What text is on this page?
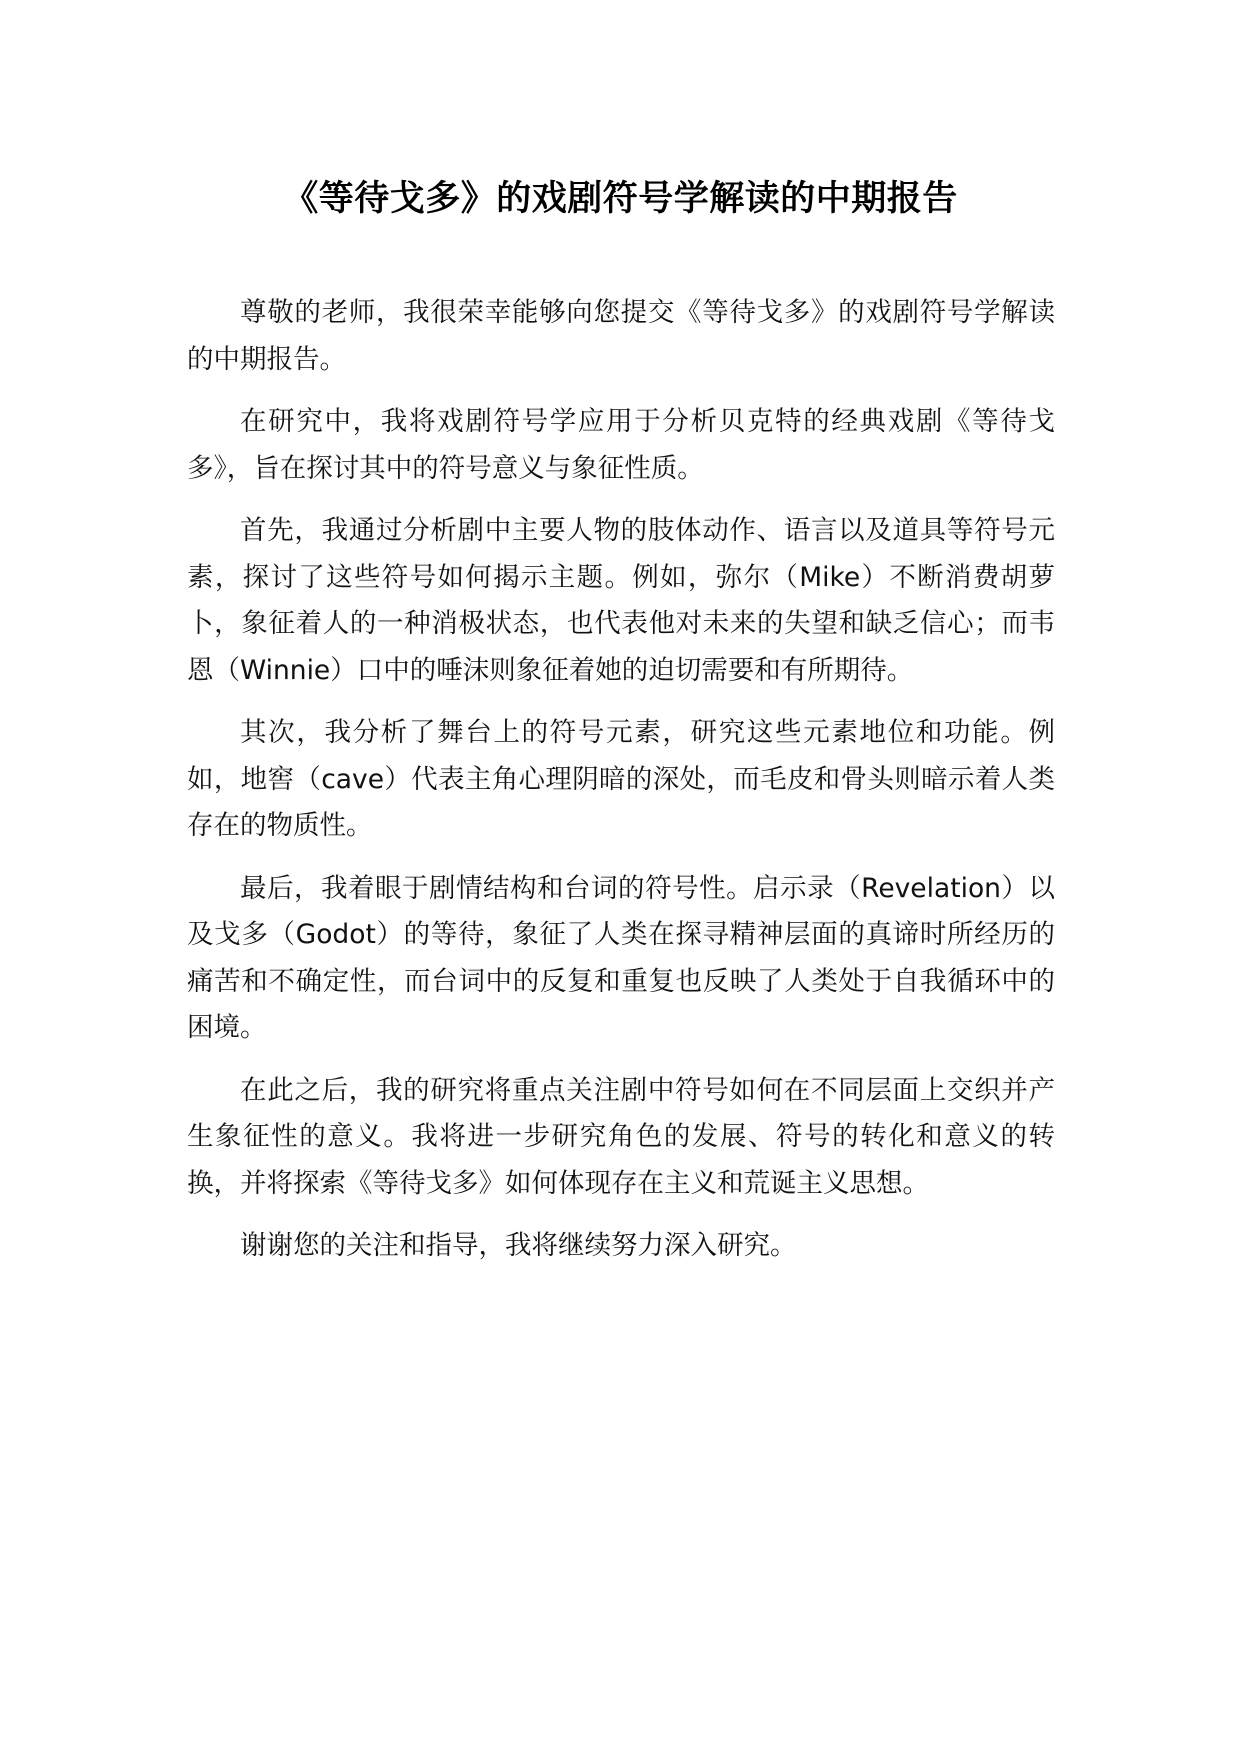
《等待戈多》的戏剧符号学解读的中期报告

尊敬的老师，我很荣幸能够向您提交《等待戈多》的戏剧符号学解读的中期报告。

在研究中，我将戏剧符号学应用于分析贝克特的经典戏剧《等待戈多》，旨在探讨其中的符号意义与象征性质。

首先，我通过分析剧中主要人物的肢体动作、语言以及道具等符号元素，探讨了这些符号如何揭示主题。例如，弥尔（Mike）不断消费胡萝卜，象征着人的一种消极状态，也代表他对未来的失望和缺乏信心；而韦恩（Winnie）口中的唾沫则象征着她的迫切需要和有所期待。

其次，我分析了舞台上的符号元素，研究这些元素地位和功能。例如，地窖（cave）代表主角心理阴暗的深处，而毛皮和骨头则暗示着人类存在的物质性。

最后，我着眼于剧情结构和台词的符号性。启示录（Revelation）以及戈多（Godot）的等待，象征了人类在探寻精神层面的真谛时所经历的痛苦和不确定性，而台词中的反复和重复也反映了人类处于自我循环中的困境。

在此之后，我的研究将重点关注剧中符号如何在不同层面上交织并产生象征性的意义。我将进一步研究角色的发展、符号的转化和意义的转换，并将探索《等待戈多》如何体现存在主义和荒诞主义思想。

谢谢您的关注和指导，我将继续努力深入研究。
